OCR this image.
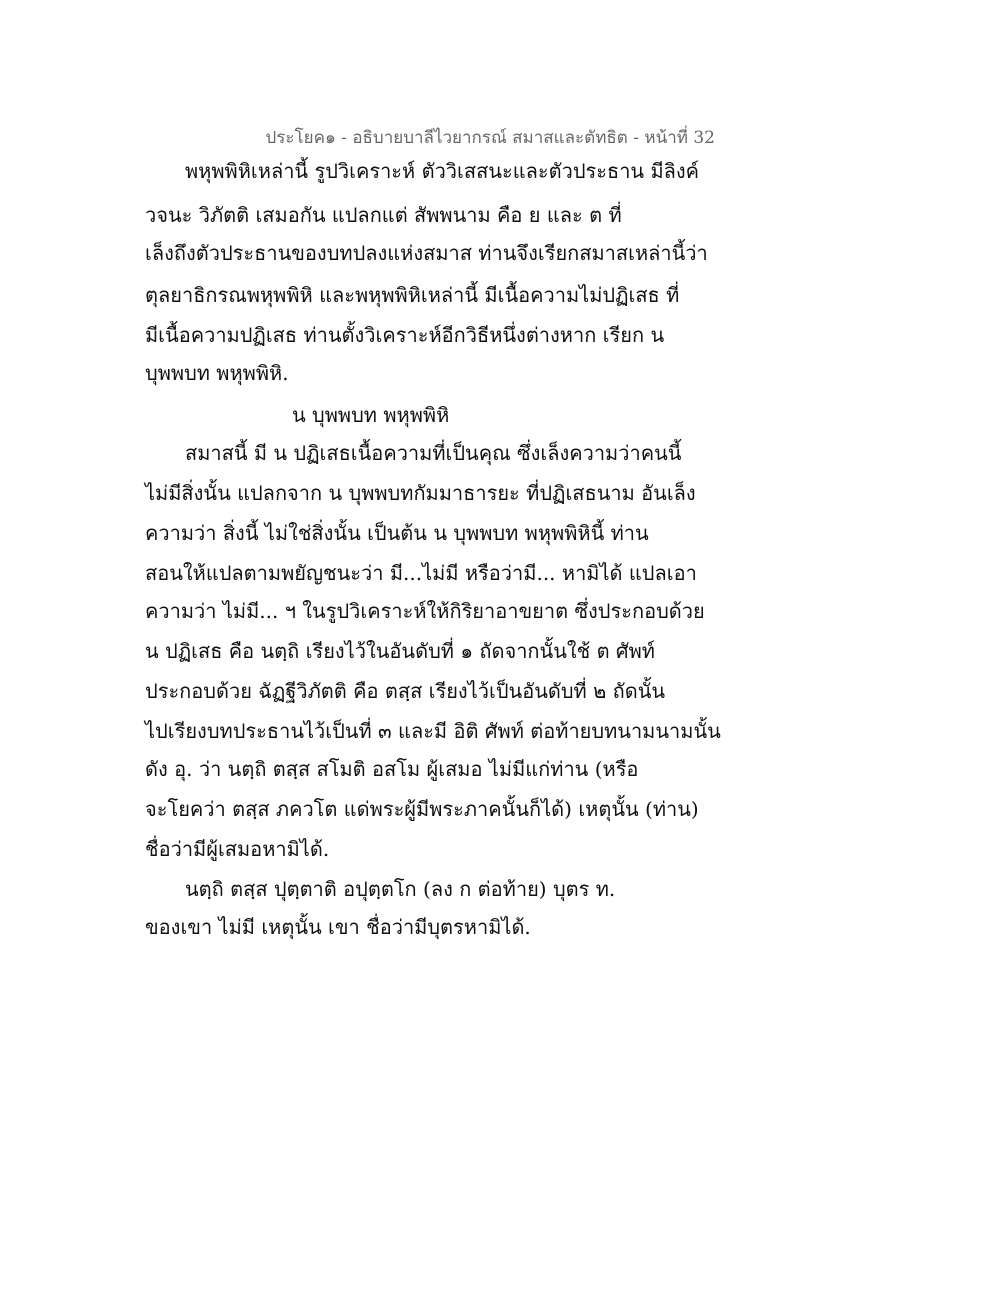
ประโยค๑ - อธิบายบาลีไวยากรณ์ สมาสและตัทธิต - หน้าที่ 32
พหุพพิหิเหล่านี้ รูปวิเคราะห์ ตัววิเสสนะและตัวประธาน มีลิงค์
วจนะ วิภัตติ เสมอกัน แปลกแต่ สัพพนาม คือ ย และ ต ที่
เล็งถึงตัวประธานของบทปลงแห่งสมาส ท่านจึงเรียกสมาสเหล่านี้ว่า
ตุลยาธิกรณพหุพพิหิ และพหุพพิหิเหล่านี้ มีเนื้อความไม่ปฏิเสธ ที่
มีเนื้อความปฏิเสธ ท่านตั้งวิเคราะห์อีกวิธีหนึ่งต่างหาก เรียก น
บุพพบท พหุพพิหิ.
น บุพพบท พหุพพิหิ
สมาสนี้ มี น ปฏิเสธเนื้อความที่เป็นคุณ ซึ่งเล็งความว่าคนนี้
ไม่มีสิ่งนั้น แปลกจาก น บุพพบทกัมมาธารยะ ที่ปฏิเสธนาม อันเล็ง
ความว่า สิ่งนี้ ไม่ใช่สิ่งนั้น เป็นต้น น บุพพบท พหุพพิหินี้ ท่าน
สอนให้แปลตามพยัญชนะว่า มี...ไม่มี หรือว่ามี... หามิได้ แปลเอา
ความว่า ไม่มี... ฯ ในรูปวิเคราะห์ให้กิริยาอาขยาต ซึ่งประกอบด้วย
น ปฏิเสธ คือ นตฺถิ เรียงไว้ในอันดับที่ ๑ ถัดจากนั้นใช้ ต ศัพท์
ประกอบด้วย ฉัฏฐีวิภัตติ คือ ตสฺส เรียงไว้เป็นอันดับที่ ๒ ถัดนั้น
ไปเรียงบทประธานไว้เป็นที่ ๓ และมี อิติ ศัพท์ ต่อท้ายบทนามนามนั้น
ดัง อุ. ว่า นตฺถิ ตสฺส สโมติ อสโม ผู้เสมอ ไม่มีแก่ท่าน (หรือ
จะโยคว่า ตสฺส ภควโต แด่พระผู้มีพระภาคนั้นก็ได้) เหตุนั้น (ท่าน)
ชื่อว่ามีผู้เสมอหามิได้.
นตฺถิ ตสฺส ปุตฺตาติ อปุตฺตโก (ลง ก ต่อท้าย) บุตร ท.
ของเขา ไม่มี เหตุนั้น เขา ชื่อว่ามีบุตรหามิได้.
